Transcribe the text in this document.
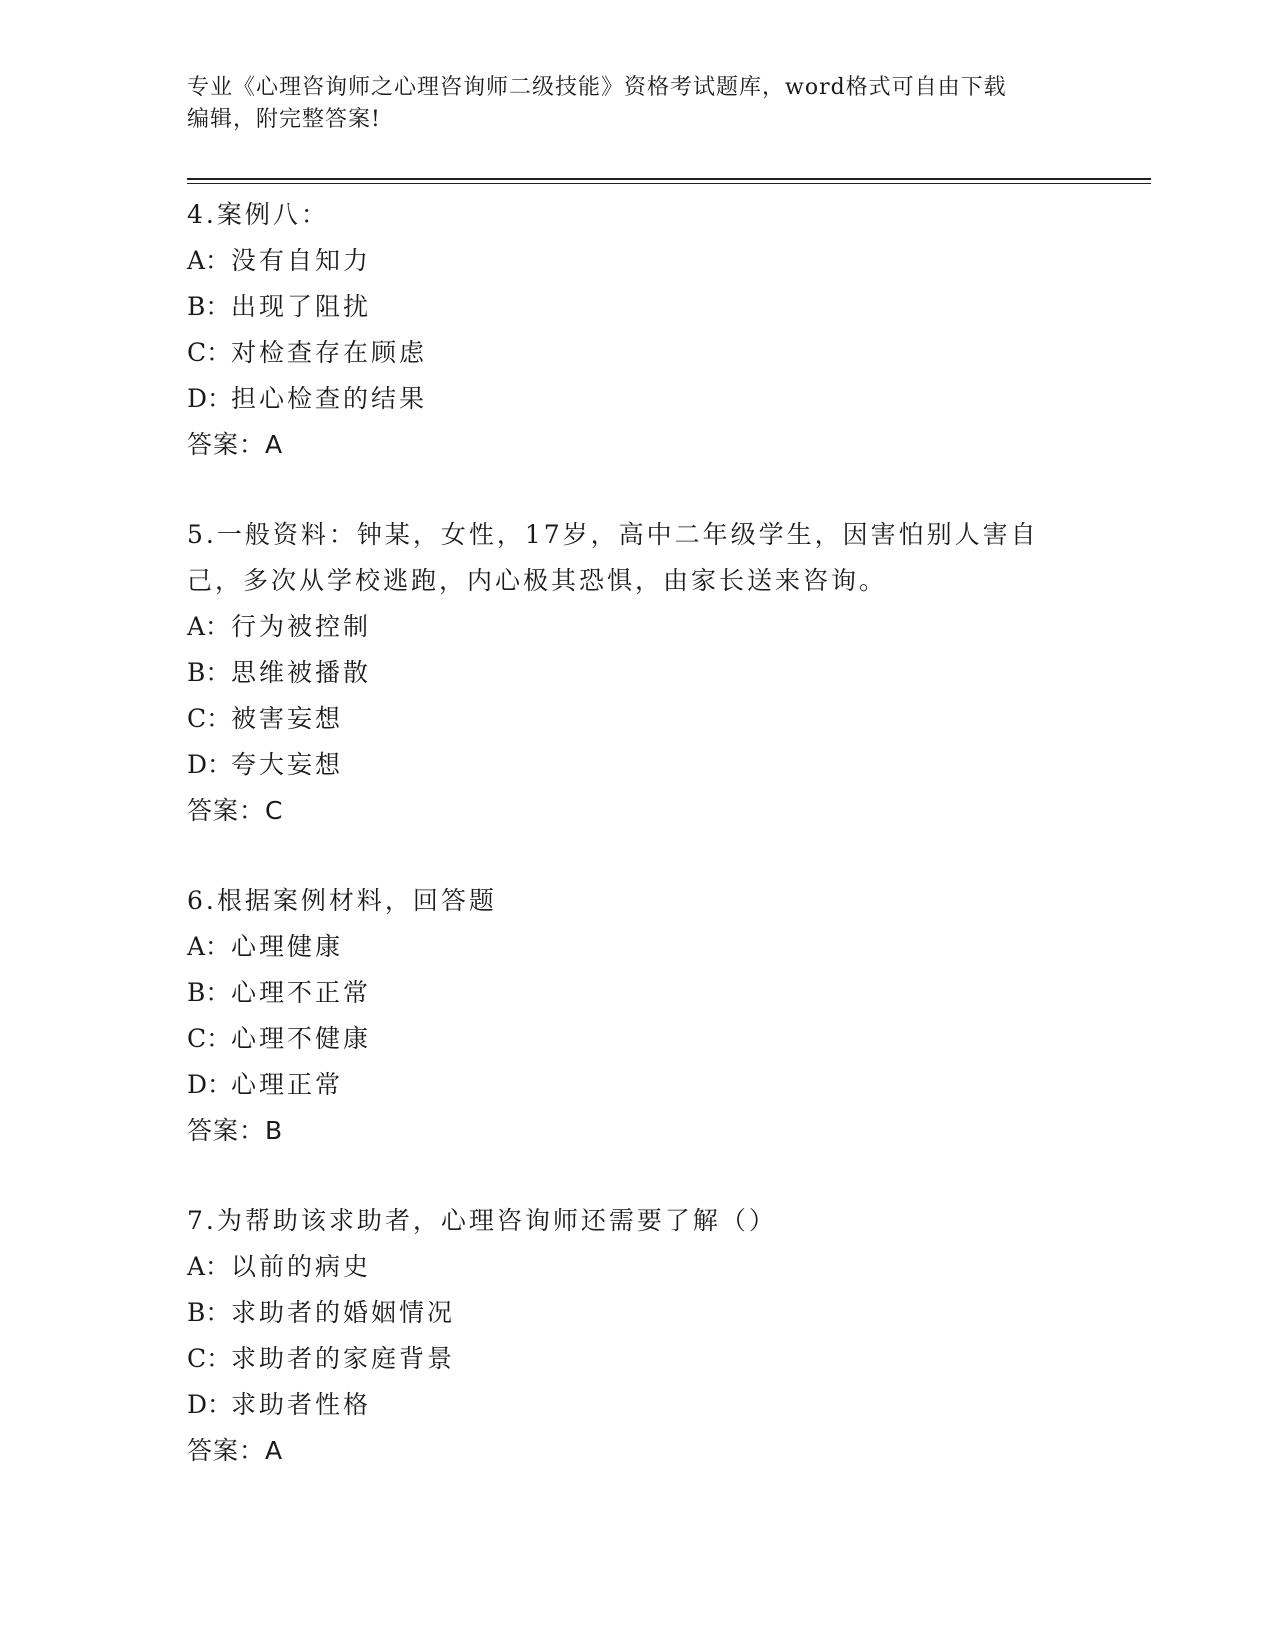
专业《心理咨询师之心理咨询师二级技能》资格考试题库，word格式可自由下载
编辑，附完整答案!
4.案例八：
A：没有自知力
B：出现了阻扰
C：对检查存在顾虑
D：担心检查的结果
答案：A
5.一般资料：钟某，女性，17岁，高中二年级学生，因害怕别人害自己，多次从学校逃跑，内心极其恐惧，由家长送来咨询。
A：行为被控制
B：思维被播散
C：被害妄想
D：夸大妄想
答案：C
6.根据案例材料，回答题
A：心理健康
B：心理不正常
C：心理不健康
D：心理正常
答案：B
7.为帮助该求助者，心理咨询师还需要了解（）
A：以前的病史
B：求助者的婚姻情况
C：求助者的家庭背景
D：求助者性格
答案：A
